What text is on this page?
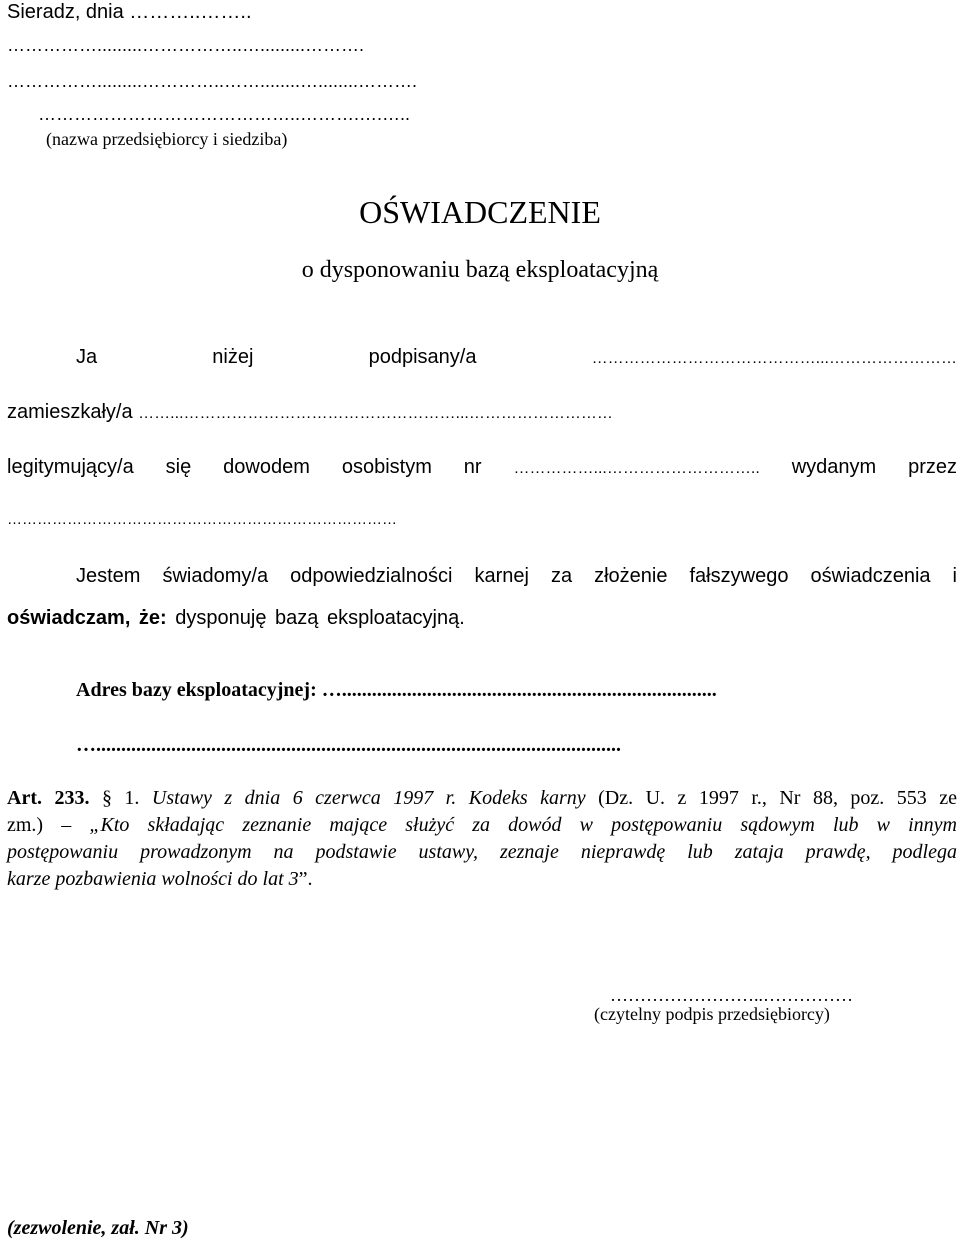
Sieradz, dnia ………..……..
…………….........……………..….........……….
…………….........…………..……........…........……….
……………………………………..……….….…..
(nazwa przedsiębiorcy i siedziba)
OŚWIADCZENIE
o dysponowaniu bazą eksploatacyjną
Ja	niżej	podpisany/a	……………………………………...……………………
zamieszkały/a ……...……………………………………………...………………………
legitymujący/a się dowodem osobistym nr ……………...……………………….. wydanym przez
……………………………………………………………………
Jestem świadomy/a odpowiedzialności karnej za złożenie fałszywego oświadczenia i
oświadczam, że: dysponuję bazą eksploatacyjną.
Adres bazy eksploatacyjnej: …...........................................................................
….........................................................................................................
Art. 233. § 1. Ustawy z dnia 6 czerwca 1997 r. Kodeks karny (Dz. U. z 1997 r., Nr 88, poz. 553 ze
zm.) – „Kto składając zeznanie mające służyć za dowód w postępowaniu sądowym lub w innym
postępowaniu prowadzonym na podstawie ustawy, zeznaje nieprawdę lub zataja prawdę, podlega
karze pozbawienia wolności do lat 3”.
……………………..……………
(czytelny podpis przedsiębiorcy)
(zezwolenie, zał. Nr 3)
